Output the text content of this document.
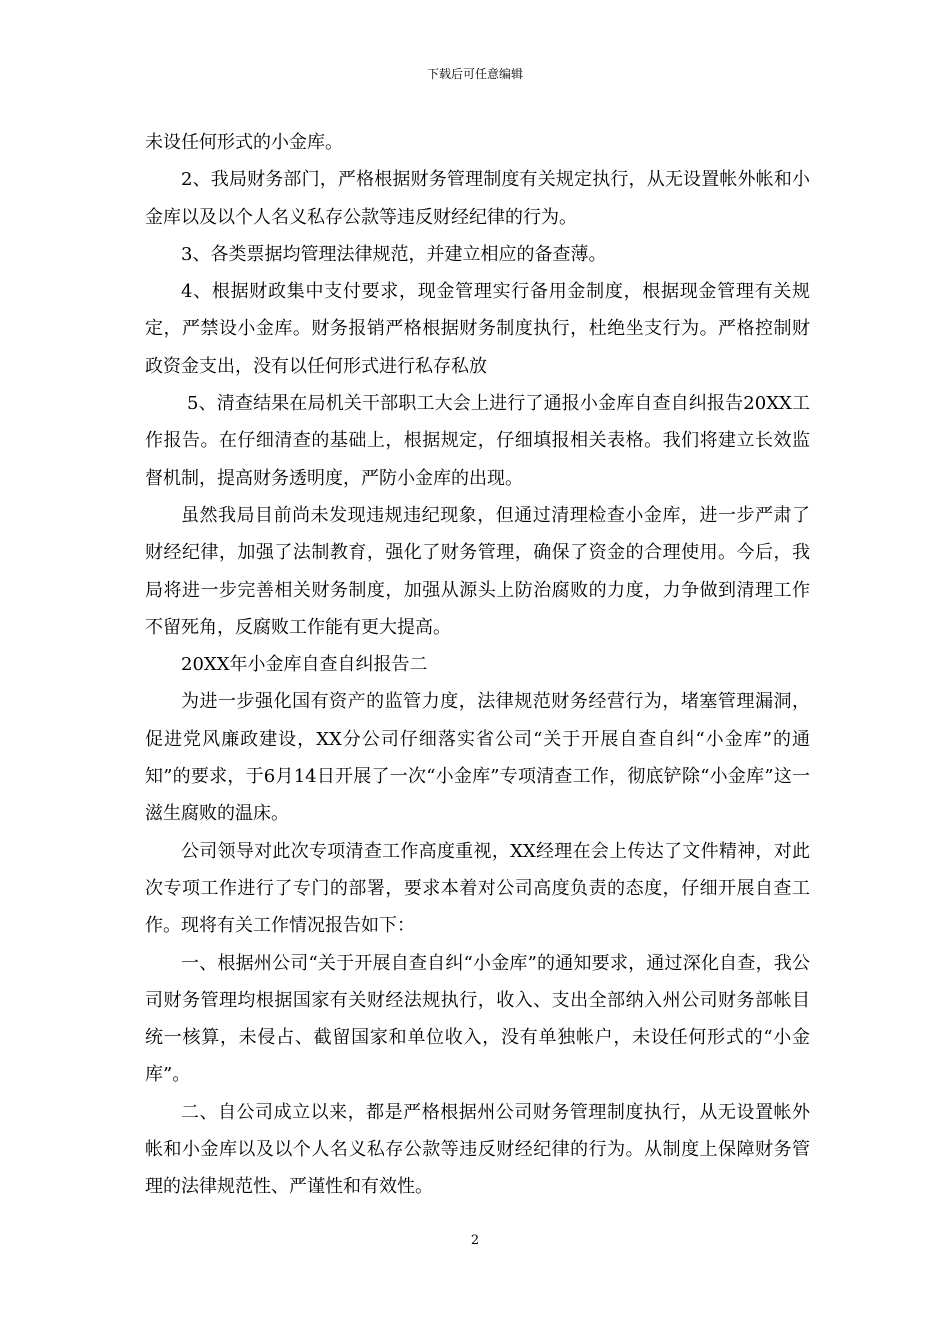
下载后可任意编辑

未设任何形式的小金库。

2、我局财务部门，严格根据财务管理制度有关规定执行，从无设置帐外帐和小金库以及以个人名义私存公款等违反财经纪律的行为。

3、各类票据均管理法律规范，并建立相应的备查薄。

4、根据财政集中支付要求，现金管理实行备用金制度，根据现金管理有关规定，严禁设小金库。财务报销严格根据财务制度执行，杜绝坐支行为。严格控制财政资金支出，没有以任何形式进行私存私放

5、清查结果在局机关干部职工大会上进行了通报小金库自查自纠报告20XX工作报告。在仔细清查的基础上，根据规定，仔细填报相关表格。我们将建立长效监督机制，提高财务透明度，严防小金库的出现。

虽然我局目前尚未发现违规违纪现象，但通过清理检查小金库，进一步严肃了财经纪律，加强了法制教育，强化了财务管理，确保了资金的合理使用。今后，我局将进一步完善相关财务制度，加强从源头上防治腐败的力度，力争做到清理工作不留死角，反腐败工作能有更大提高。

20XX年小金库自查自纠报告二

为进一步强化国有资产的监管力度，法律规范财务经营行为，堵塞管理漏洞，促进党风廉政建设，XX分公司仔细落实省公司“关于开展自查自纠“小金库”的通知”的要求，于6月14日开展了一次“小金库”专项清查工作，彻底铲除“小金库”这一滋生腐败的温床。

公司领导对此次专项清查工作高度重视，XX经理在会上传达了文件精神，对此次专项工作进行了专门的部署，要求本着对公司高度负责的态度，仔细开展自查工作。现将有关工作情况报告如下：

一、根据州公司“关于开展自查自纠“小金库”的通知要求，通过深化自查，我公司财务管理均根据国家有关财经法规执行，收入、支出全部纳入州公司财务部帐目统一核算，未侵占、截留国家和单位收入，没有单独帐户，未设任何形式的“小金库”。

二、自公司成立以来，都是严格根据州公司财务管理制度执行，从无设置帐外帐和小金库以及以个人名义私存公款等违反财经纪律的行为。从制度上保障财务管理的法律规范性、严谨性和有效性。

2
